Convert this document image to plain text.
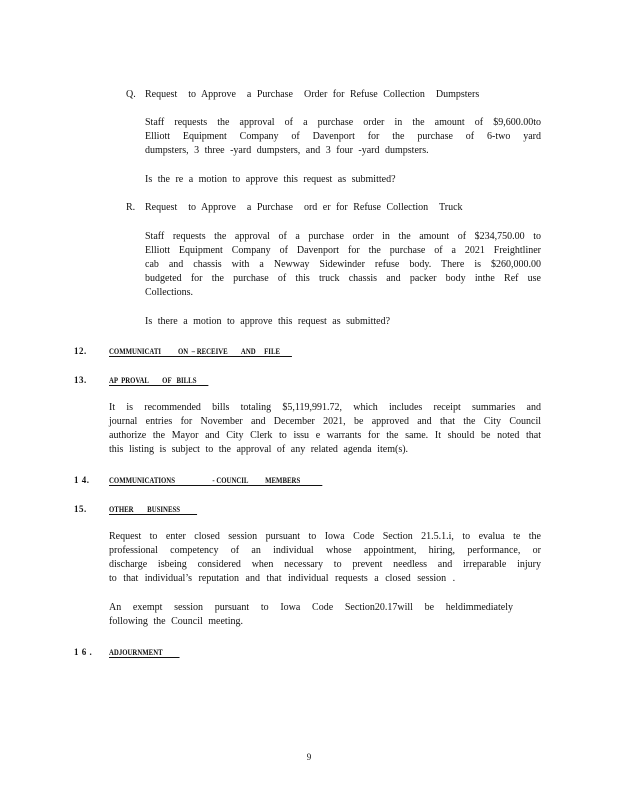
Q. Request  to Approve  a Purchase  Order for Refuse Collection  Dumpsters
Staff requests the approval of a purchase order in the amount of $9,600.00to
Elliott Equipment Company of Davenport for the purchase of 6-two yard
dumpsters, 3 three -yard dumpsters, and 3 four -yard dumpsters.
Is the re a motion to approve this request as submitted?
R. Request  to Approve  a Purchase  ord er for Refuse Collection  Truck
Staff requests the approval of a purchase order in the amount of $234,750.00 to
Elliott Equipment Company of Davenport for the purchase of a 2021 Freightliner
cab and chassis with a Newway Sidewinder refuse body. There is $260,000.00
budgeted for the purchase of this truck chassis and packer body inthe Ref use
Collections.
Is there a motion to approve this request as submitted?
12.	COMMUNICATI          ON  – RECEIVE        AND     FILE
13.	AP  PROVAL        OF   BILLS
It is recommended bills totaling $5,119,991.72, which includes receipt summaries and
journal entries for November and December 2021, be approved and that the City Council
authorize the Mayor and City Clerk to issu e warrants for the same. It should be noted that
this listing is subject to the approval of any related agenda item(s).
1 4. COMMUNICATIONS                      - COUNCIL          MEMBERS
15.	OTHER        BUSINESS
Request to enter closed session pursuant to Iowa Code Section 21.5.1.i, to evalua te the
professional competency of an individual whose appointment, hiring, performance, or
discharge isbeing considered when necessary to prevent needless and irreparable injury
to that individual’s reputation and that individual requests a closed session .
An exempt session pursuant to Iowa Code Section20.17will be heldimmediately
following the Council meeting.
1 6 . ADJOURNMENT
9
